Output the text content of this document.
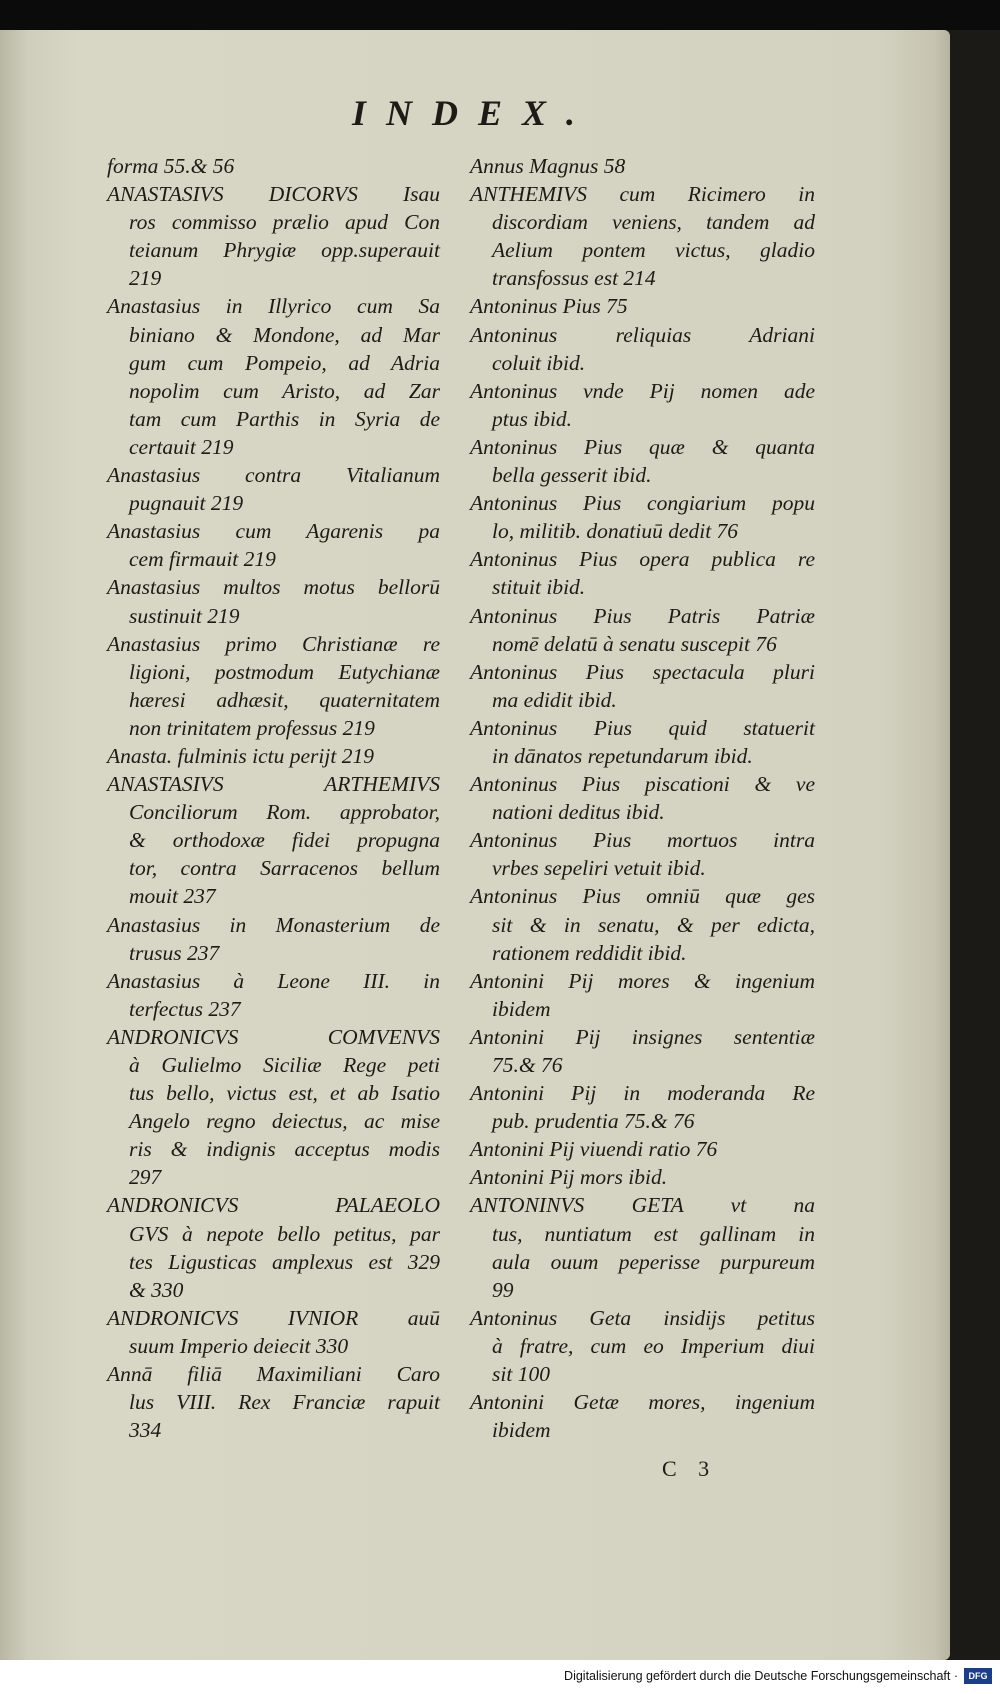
INDEX.
forma 55.& 56
ANASTASIVS DICORVS Isau
ros commisso prælio apud Con
teianum Phrygiæ opp.superauit
219
Anastasius in Illyrico cum Sa
biniano & Mondone, ad Mar
gum cum Pompeio, ad Adria
nopolim cum Aristo, ad Zar
tam cum Parthis in Syria de
certauit 219
Anastasius contra Vitalianum
pugnauit 219
Anastasius cum Agarenis pa
cem firmauit 219
Anastasius multos motus bellorū
sustinuit 219
Anastasius primo Christianæ re
ligioni, postmodum Eutychianæ
hæresi adhæsit, quaternitatem
non trinitatem professus 219
Anasta. fulminis ictu perijt 219
ANASTASIVS ARTHEMIVS
Conciliorum Rom. approbator,
& orthodoxæ fidei propugna
tor, contra Sarracenos bellum
mouit 237
Anastasius in Monasterium de
trusus 237
Anastasius à Leone III. in
terfectus 237
ANDRONICVS COMVENVS
à Gulielmo Siciliæ Rege peti
tus bello, victus est, et ab Isatio
Angelo regno deiectus, ac mise
ris & indignis acceptus modis
297
ANDRONICVS PALAEOLO
GVS à nepote bello petitus, par
tes Ligusticas amplexus est 329
& 330
ANDRONICVS IVNIOR auū
suum Imperio deiecit 330
Annā filiā Maximiliani Caro
lus VIII. Rex Franciæ rapuit
334
Annus Magnus 58
ANTHEMIVS cum Ricimero in
discordiam veniens, tandem ad
Aelium pontem victus, gladio
transfossus est 214
Antoninus Pius 75
Antoninus reliquias Adriani
coluit ibid.
Antoninus vnde Pij nomen ade
ptus ibid.
Antoninus Pius quæ & quanta
bella gesserit ibid.
Antoninus Pius congiarium popu
lo, militib. donatiuū dedit 76
Antoninus Pius opera publica re
stituit ibid.
Antoninus Pius Patris Patriæ
nomē delatū à senatu suscepit 76
Antoninus Pius spectacula pluri
ma edidit ibid.
Antoninus Pius quid statuerit
in dānatos repetundarum ibid.
Antoninus Pius piscationi & ve
nationi deditus ibid.
Antoninus Pius mortuos intra
vrbes sepeliri vetuit ibid.
Antoninus Pius omniū quæ ges
sit & in senatu, & per edicta,
rationem reddidit ibid.
Antonini Pij mores & ingenium
ibidem
Antonini Pij insignes sententiæ
75.& 76
Antonini Pij in moderanda Re
pub. prudentia 75.& 76
Antonini Pij viuendi ratio 76
Antonini Pij mors ibid.
ANTONINVS GETA vt na
tus, nuntiatum est gallinam in
aula ouum peperisse purpureum
99
Antoninus Geta insidijs petitus
à fratre, cum eo Imperium diui
sit 100
Antonini Getæ mores, ingenium
ibidem
C 3
Digitalisierung gefördert durch die Deutsche Forschungsgemeinschaft ·	DFG
